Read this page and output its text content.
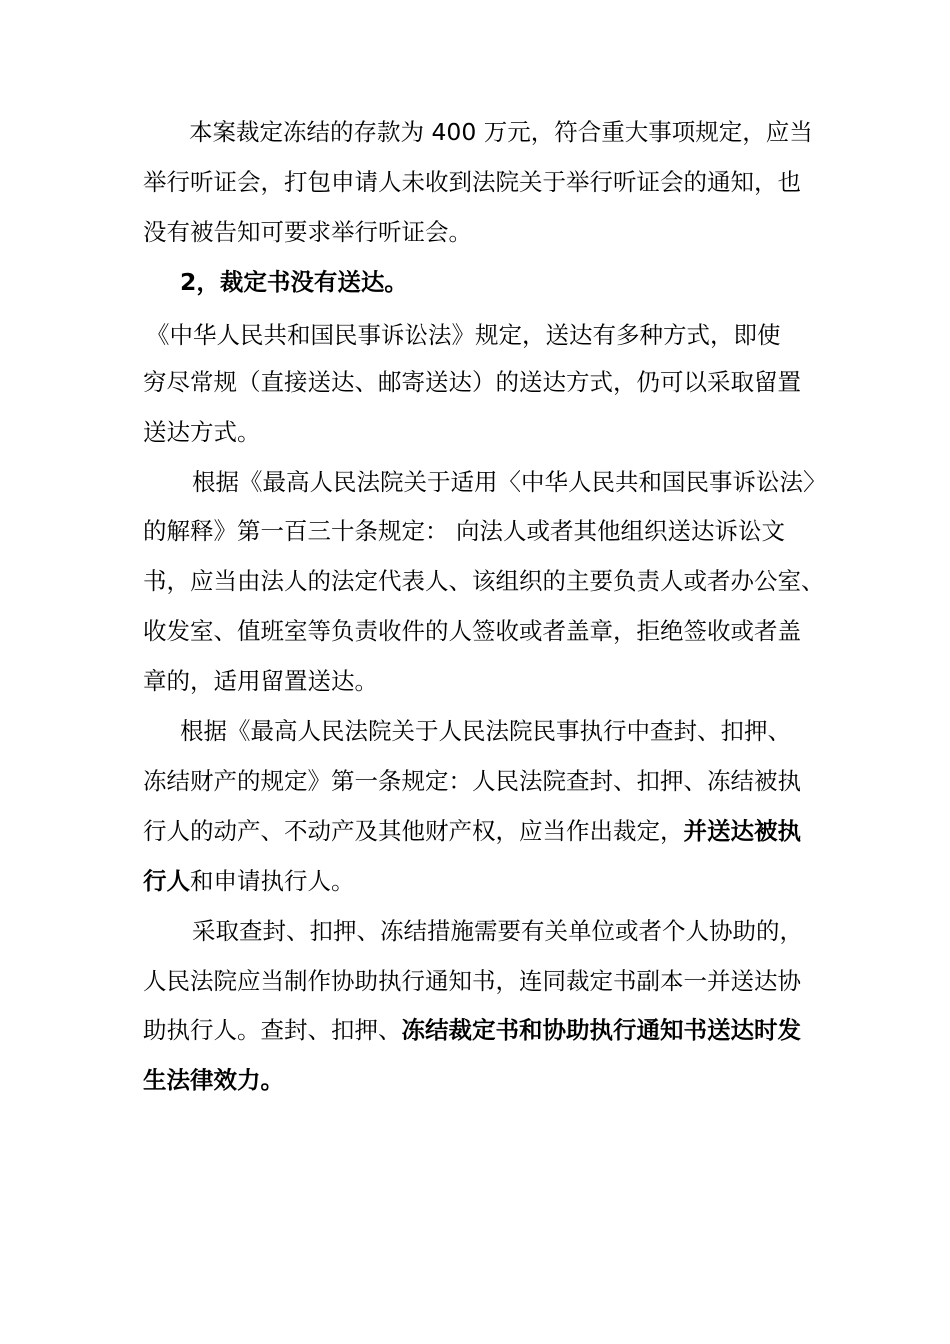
本案裁定冻结的存款为 400 万元，符合重大事项规定，应当
举行听证会，打包申请人未收到法院关于举行听证会的通知，也
没有被告知可要求举行听证会。
2，裁定书没有送达。
《中华人民共和国民事诉讼法》规定，送达有多种方式，即使
穷尽常规（直接送达、邮寄送达）的送达方式，仍可以采取留置
送达方式。
根据《最高人民法院关于适用〈中华人民共和国民事诉讼法〉
的解释》第一百三十条规定： 向法人或者其他组织送达诉讼文
书，应当由法人的法定代表人、该组织的主要负责人或者办公室、
收发室、值班室等负责收件的人签收或者盖章，拒绝签收或者盖
章的，适用留置送达。
根据《最高人民法院关于人民法院民事执行中查封、扣押、
冻结财产的规定》第一条规定：人民法院查封、扣押、冻结被执
行人的动产、不动产及其他财产权，应当作出裁定，并送达被执
行人和申请执行人。
采取查封、扣押、冻结措施需要有关单位或者个人协助的，
人民法院应当制作协助执行通知书，连同裁定书副本一并送达协
助执行人。查封、扣押、冻结裁定书和协助执行通知书送达时发
生法律效力。
